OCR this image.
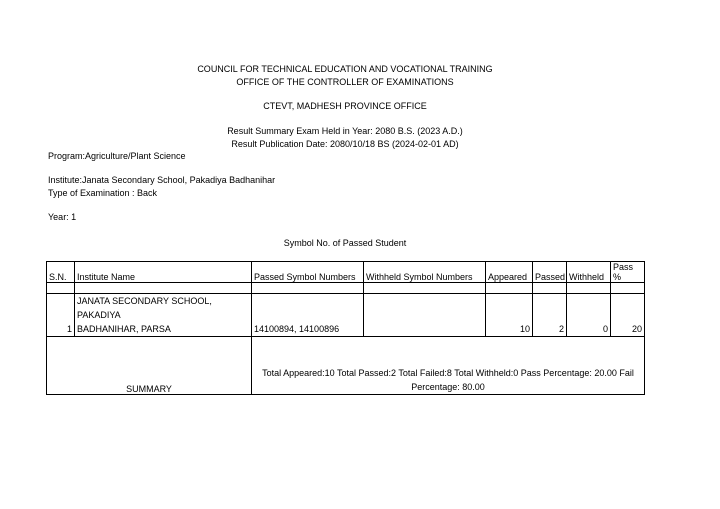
COUNCIL FOR TECHNICAL EDUCATION AND VOCATIONAL TRAINING
OFFICE OF THE CONTROLLER OF EXAMINATIONS
CTEVT, MADHESH PROVINCE OFFICE
Result Summary Exam Held in Year: 2080 B.S. (2023 A.D.)
Result Publication Date: 2080/10/18 BS (2024-02-01 AD)
Program:Agriculture/Plant Science
Institute:Janata Secondary School, Pakadiya Badhanihar
Type of Examination : Back
Year: 1
Symbol No. of Passed Student
S.N.	Institute Name	Passed Symbol Numbers	Withheld Symbol Numbers	Appeared	Passed	Withheld	Pass %

1	JANATA SECONDARY SCHOOL, PAKADIYA
BADHANIHAR, PARSA	14100894, 14100896		10	2	0	20
SUMMARY		Total Appeared:10 Total Passed:2 Total Failed:8 Total Withheld:0 Pass Percentage: 20.00 Fail Percentage: 80.00					
